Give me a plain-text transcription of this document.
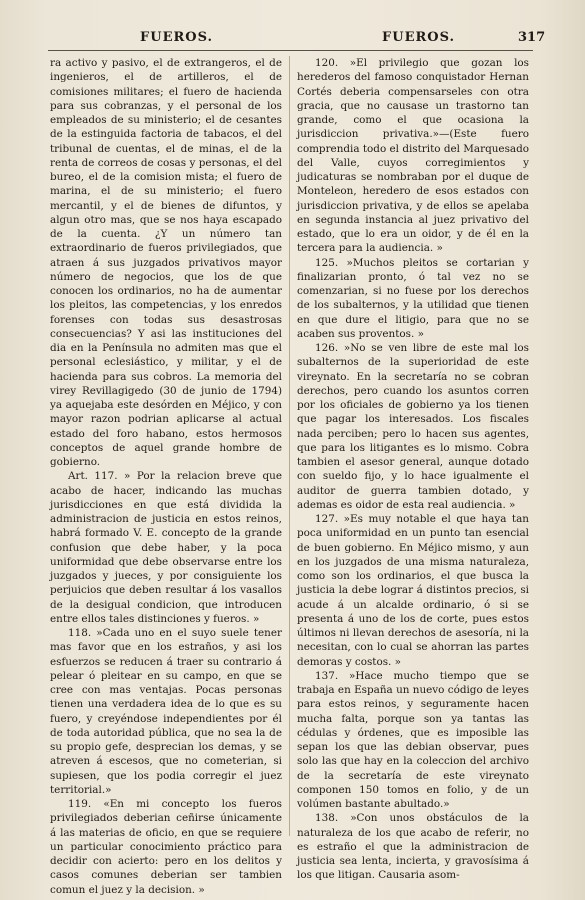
FUEROS.	FUEROS.	317

ra activo y pasivo, el de extrangeros, el de ingenieros, el de artilleros, el de comisiones militares; el fuero de hacienda para sus cobranzas, y el personal de los empleados de su ministerio; el de cesantes de la estinguida factoria de tabacos, el del tribunal de cuentas, el de minas, el de la renta de correos de cosas y personas, el del bureo, el de la comision mista; el fuero de marina, el de su ministerio; el fuero mercantil, y el de bienes de difuntos, y algun otro mas, que se nos haya escapado de la cuenta. ¿Y un número tan extraordinario de fueros privilegiados, que atraen á sus juzgados privativos mayor número de negocios, que los de que conocen los ordinarios, no ha de aumentar los pleitos, las competencias, y los enredos forenses con todas sus desastrosas consecuencias? Y asi las instituciones del dia en la Península no admiten mas que el personal eclesiástico, y militar, y el de hacienda para sus cobros. La memoria del virey Revillagigedo (30 de junio de 1794) ya aquejaba este desórden en Méjico, y con mayor razon podrian aplicarse al actual estado del foro habano, estos hermosos conceptos de aquel grande hombre de gobierno.

Art. 117. » Por la relacion breve que acabo de hacer, indicando las muchas jurisdicciones en que está dividida la administracion de justicia en estos reinos, habrá formado V. E. concepto de la grande confusion que debe haber, y la poca uniformidad que debe observarse entre los juzgados y jueces, y por consiguiente los perjuicios que deben resultar á los vasallos de la desigual condicion, que introducen entre ellos tales distinciones y fueros. »

118. »Cada uno en el suyo suele tener mas favor que en los estraños, y asi los esfuerzos se reducen á traer su contrario á pelear ó pleitear en su campo, en que se cree con mas ventajas. Pocas personas tienen una verdadera idea de lo que es su fuero, y creyéndose independientes por él de toda autoridad pública, que no sea la de su propio gefe, desprecian los demas, y se atreven á escesos, que no cometerian, si supiesen, que los podia corregir el juez territorial.»

119. «En mi concepto los fueros privilegiados deberian ceñirse únicamente á las materias de oficio, en que se requiere un particular conocimiento práctico para decidir con acierto: pero en los delitos y casos comunes deberian ser tambien comun el juez y la decision. »

120. »El privilegio que gozan los herederos del famoso conquistador Hernan Cortés deberia compensarseles con otra gracia, que no causase un trastorno tan grande, como el que ocasiona la jurisdiccion privativa.»—(Este fuero comprendia todo el distrito del Marquesado del Valle, cuyos corregimientos y judicaturas se nombraban por el duque de Monteleon, heredero de esos estados con jurisdiccion privativa, y de ellos se apelaba en segunda instancia al juez privativo del estado, que lo era un oidor, y de él en la tercera para la audiencia. »

125. »Muchos pleitos se cortarian y finalizarian pronto, ó tal vez no se comenzarian, si no fuese por los derechos de los subalternos, y la utilidad que tienen en que dure el litigio, para que no se acaben sus proventos. »

126. »No se ven libre de este mal los subalternos de la superioridad de este vireynato. En la secretaría no se cobran derechos, pero cuando los asuntos corren por los oficiales de gobierno ya los tienen que pagar los interesados. Los fiscales nada perciben; pero lo hacen sus agentes, que para los litigantes es lo mismo. Cobra tambien el asesor general, aunque dotado con sueldo fijo, y lo hace igualmente el auditor de guerra tambien dotado, y ademas es oidor de esta real audiencia. »

127. »Es muy notable el que haya tan poca uniformidad en un punto tan esencial de buen gobierno. En Méjico mismo, y aun en los juzgados de una misma naturaleza, como son los ordinarios, el que busca la justicia la debe lograr á distintos precios, si acude á un alcalde ordinario, ó si se presenta á uno de los de corte, pues estos últimos ni llevan derechos de asesoría, ni la necesitan, con lo cual se ahorran las partes demoras y costos. »

137. »Hace mucho tiempo que se trabaja en España un nuevo código de leyes para estos reinos, y seguramente hacen mucha falta, porque son ya tantas las cédulas y órdenes, que es imposible las sepan los que las debian observar, pues solo las que hay en la coleccion del archivo de la secretaría de este vireynato componen 150 tomos en folio, y de un volúmen bastante abultado.»

138. »Con unos obstáculos de la naturaleza de los que acabo de referir, no es estraño el que la administracion de justicia sea lenta, incierta, y gravosísima á los que litigan. Causaria asom-
